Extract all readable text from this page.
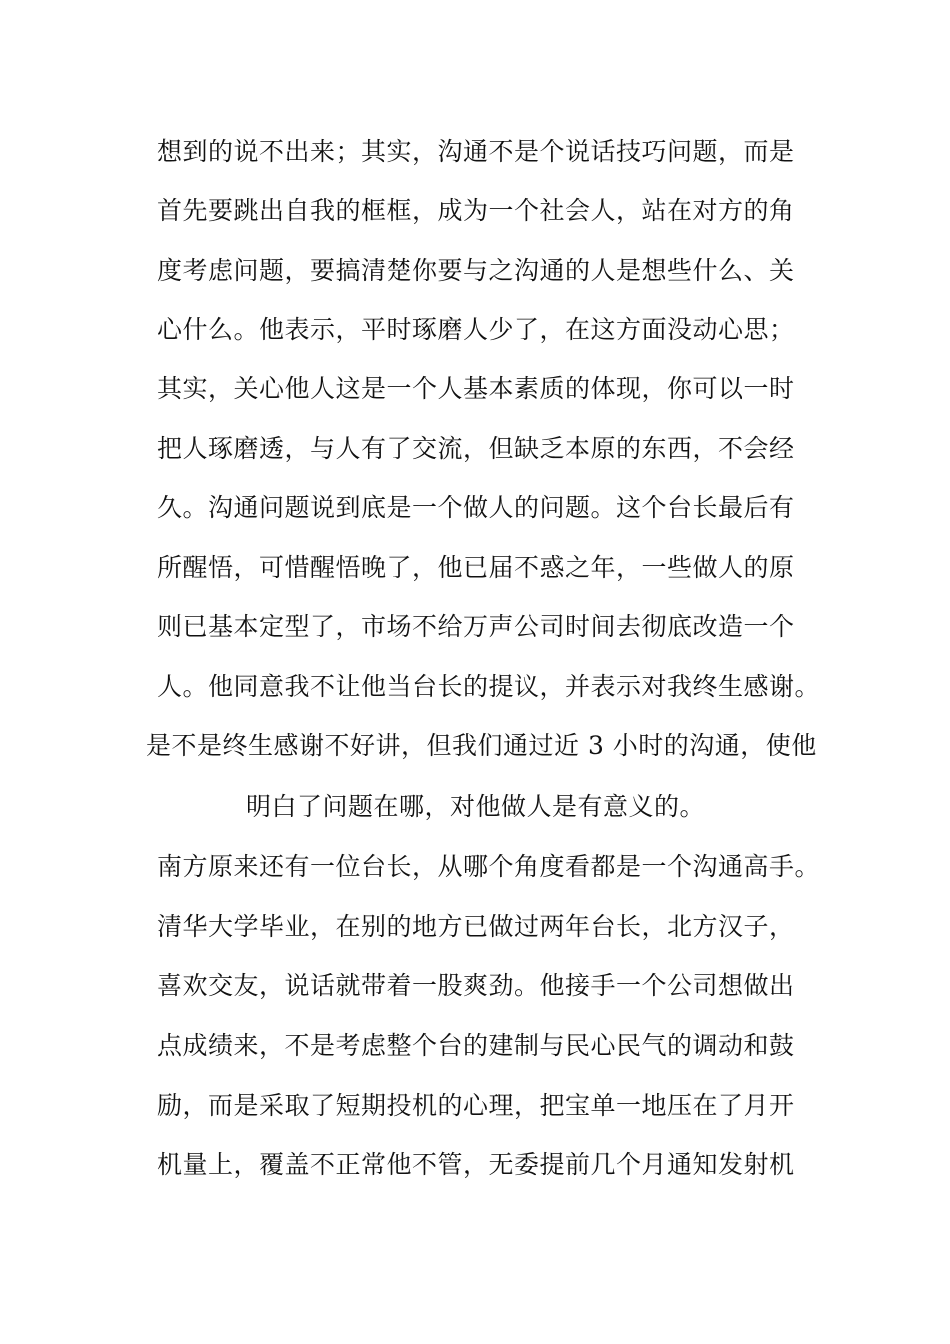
想到的说不出来；其实，沟通不是个说话技巧问题，而是
首先要跳出自我的框框，成为一个社会人，站在对方的角
度考虑问题，要搞清楚你要与之沟通的人是想些什么、关
心什么。他表示，平时琢磨人少了，在这方面没动心思；
其实，关心他人这是一个人基本素质的体现，你可以一时
把人琢磨透，与人有了交流，但缺乏本原的东西，不会经
久。沟通问题说到底是一个做人的问题。这个台长最后有
所醒悟，可惜醒悟晚了，他已届不惑之年，一些做人的原
则已基本定型了，市场不给万声公司时间去彻底改造一个
人。他同意我不让他当台长的提议，并表示对我终生感谢。
是不是终生感谢不好讲，但我们通过近 3 小时的沟通，使他
明白了问题在哪，对他做人是有意义的。
南方原来还有一位台长，从哪个角度看都是一个沟通高手。
清华大学毕业，在别的地方已做过两年台长，北方汉子，
喜欢交友，说话就带着一股爽劲。他接手一个公司想做出
点成绩来，不是考虑整个台的建制与民心民气的调动和鼓
励，而是采取了短期投机的心理，把宝单一地压在了月开
机量上，覆盖不正常他不管，无委提前几个月通知发射机
